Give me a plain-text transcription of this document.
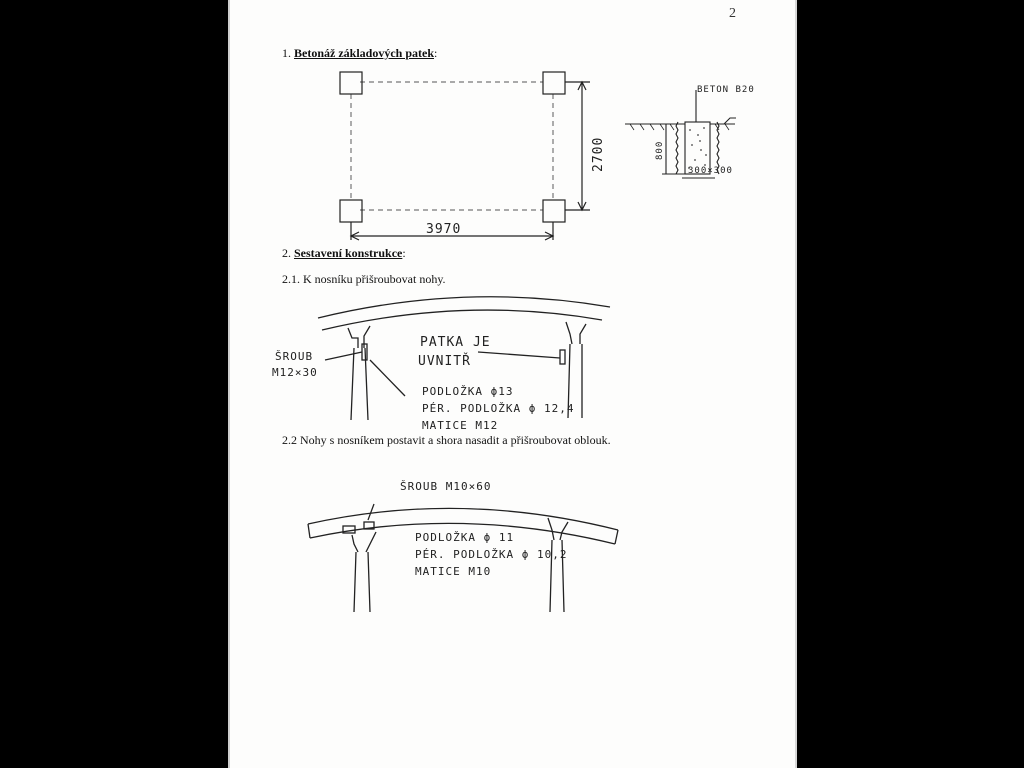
2
1. Betonáž základových patek:
2. Sestavení konstrukce:
2.1. K nosníku přišroubovat nohy.
2.2 Nohy s nosníkem postavit a shora nasadit a přišroubovat oblouk.
3970
2700
BETON B20
800
300×300
ŠROUB
M12×30
PATKA JE
UVNITŘ
PODLOŽKA ϕ13
PÉR. PODLOŽKA ϕ 12,4
MATICE M12
ŠROUB M10×60
PODLOŽKA ϕ 11
PÉR. PODLOŽKA ϕ 10,2
MATICE M10
